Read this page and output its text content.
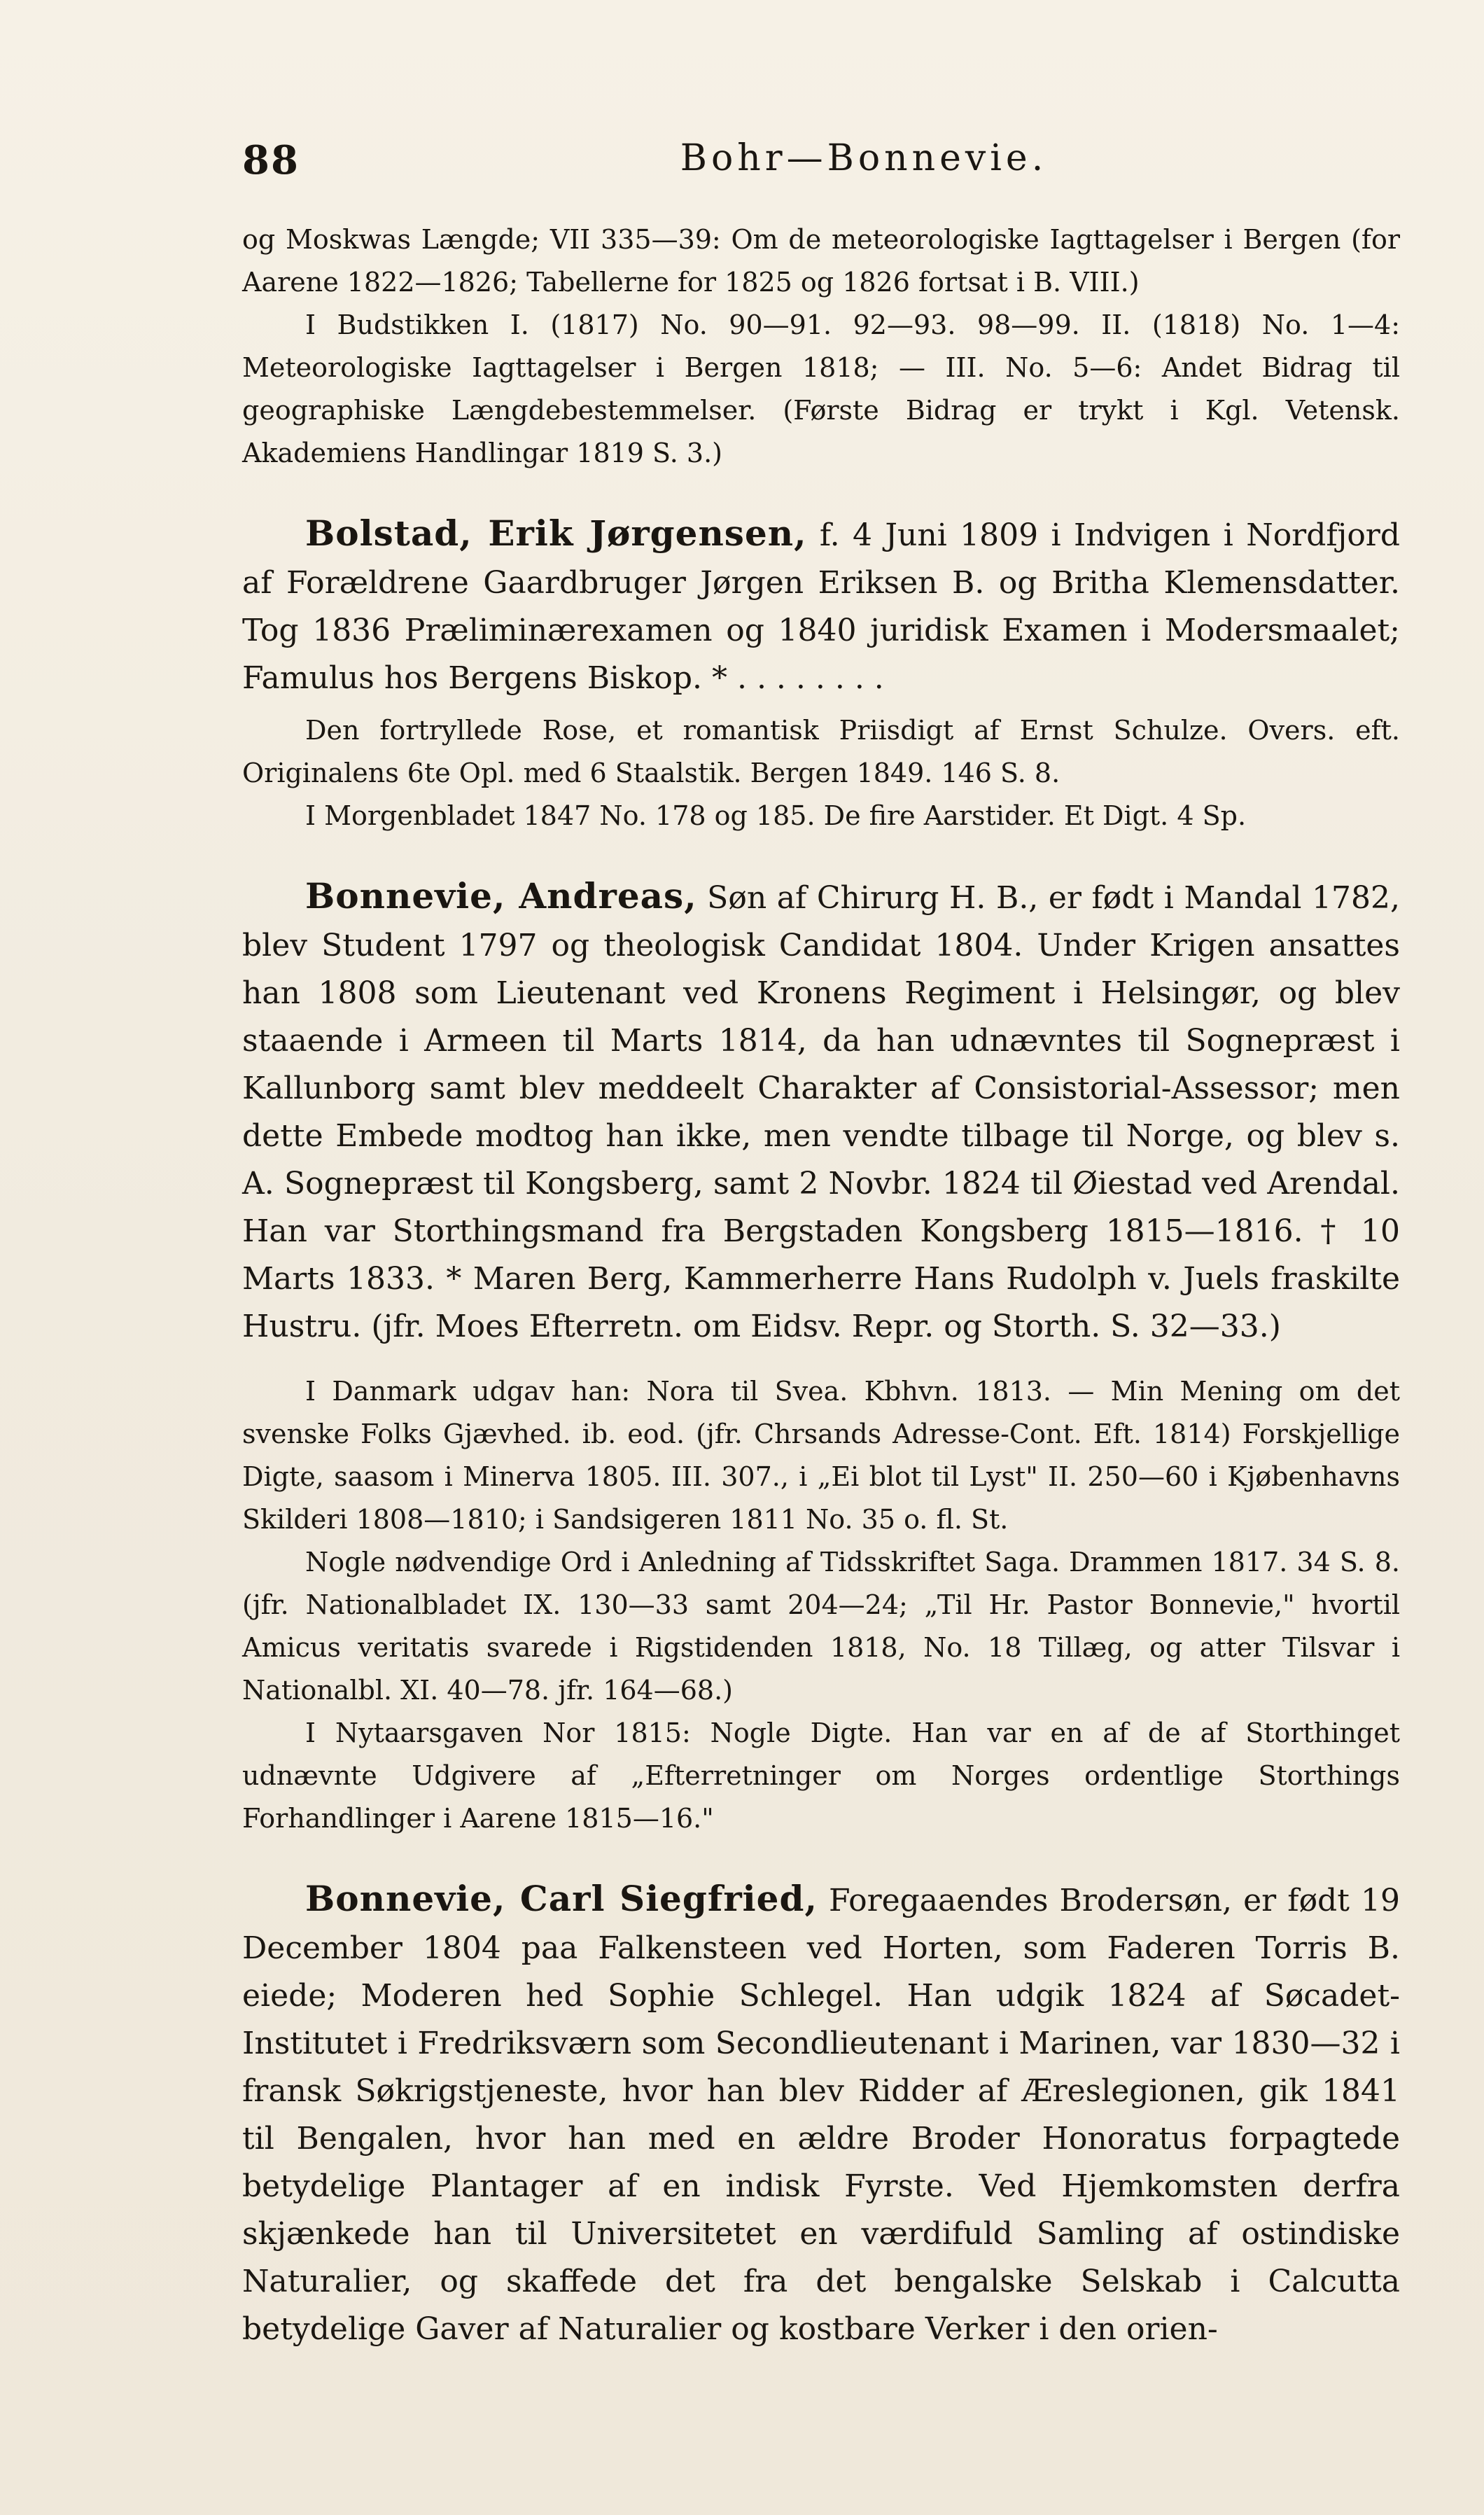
88	Bohr—Bonnevie.

og Moskwas Længde; VII 335—39: Om de meteorologiske Iagttagelser i Bergen (for Aarene 1822—1826; Tabellerne for 1825 og 1826 fortsat i B. VIII.)

I Budstikken I. (1817) No. 90—91. 92—93. 98—99. II. (1818) No. 1—4: Meteorologiske Iagttagelser i Bergen 1818; — III. No. 5—6: Andet Bidrag til geographiske Længdebestemmelser. (Første Bidrag er trykt i Kgl. Vetensk. Akademiens Handlingar 1819 S. 3.)

Bolstad, Erik Jørgensen, f. 4 Juni 1809 i Indvigen i Nordfjord af Forældrene Gaardbruger Jørgen Eriksen B. og Britha Klemensdatter. Tog 1836 Præliminærexamen og 1840 juridisk Examen i Modersmaalet; Famulus hos Bergens Biskop. * . . . . . . . .

Den fortryllede Rose, et romantisk Priisdigt af Ernst Schulze. Overs. eft. Originalens 6te Opl. med 6 Staalstik. Bergen 1849. 146 S. 8.

I Morgenbladet 1847 No. 178 og 185. De fire Aarstider. Et Digt. 4 Sp.

Bonnevie, Andreas, Søn af Chirurg H. B., er født i Mandal 1782, blev Student 1797 og theologisk Candidat 1804. Under Krigen ansattes han 1808 som Lieutenant ved Kronens Regiment i Helsingør, og blev staaende i Armeen til Marts 1814, da han udnævntes til Sognepræst i Kallunborg samt blev meddeelt Charakter af Consistorial-Assessor; men dette Embede modtog han ikke, men vendte tilbage til Norge, og blev s. A. Sognepræst til Kongsberg, samt 2 Novbr. 1824 til Øiestad ved Arendal. Han var Storthingsmand fra Bergstaden Kongsberg 1815—1816. † 10 Marts 1833. * Maren Berg, Kammerherre Hans Rudolph v. Juels fraskilte Hustru. (jfr. Moes Efterretn. om Eidsv. Repr. og Storth. S. 32—33.)

I Danmark udgav han: Nora til Svea. Kbhvn. 1813. — Min Mening om det svenske Folks Gjævhed. ib. eod. (jfr. Chrsands Adresse-Cont. Eft. 1814) Forskjellige Digte, saasom i Minerva 1805. III. 307., i „Ei blot til Lyst" II. 250—60 i Kjøbenhavns Skilderi 1808—1810; i Sandsigeren 1811 No. 35 o. fl. St.

Nogle nødvendige Ord i Anledning af Tidsskriftet Saga. Drammen 1817. 34 S. 8. (jfr. Nationalbladet IX. 130—33 samt 204—24; „Til Hr. Pastor Bonnevie," hvortil Amicus veritatis svarede i Rigstidenden 1818, No. 18 Tillæg, og atter Tilsvar i Nationalbl. XI. 40—78. jfr. 164—68.)

I Nytaarsgaven Nor 1815: Nogle Digte. Han var en af de af Storthinget udnævnte Udgivere af „Efterretninger om Norges ordentlige Storthings Forhandlinger i Aarene 1815—16."

Bonnevie, Carl Siegfried, Foregaaendes Brodersøn, er født 19 December 1804 paa Falkensteen ved Horten, som Faderen Torris B. eiede; Moderen hed Sophie Schlegel. Han udgik 1824 af Søcadet-Institutet i Fredriksværn som Secondlieutenant i Marinen, var 1830—32 i fransk Søkrigstjeneste, hvor han blev Ridder af Æreslegionen, gik 1841 til Bengalen, hvor han med en ældre Broder Honoratus forpagtede betydelige Plantager af en indisk Fyrste. Ved Hjemkomsten derfra skjænkede han til Universitetet en værdifuld Samling af ostindiske Naturalier, og skaffede det fra det bengalske Selskab i Calcutta betydelige Gaver af Naturalier og kostbare Verker i den orien-
